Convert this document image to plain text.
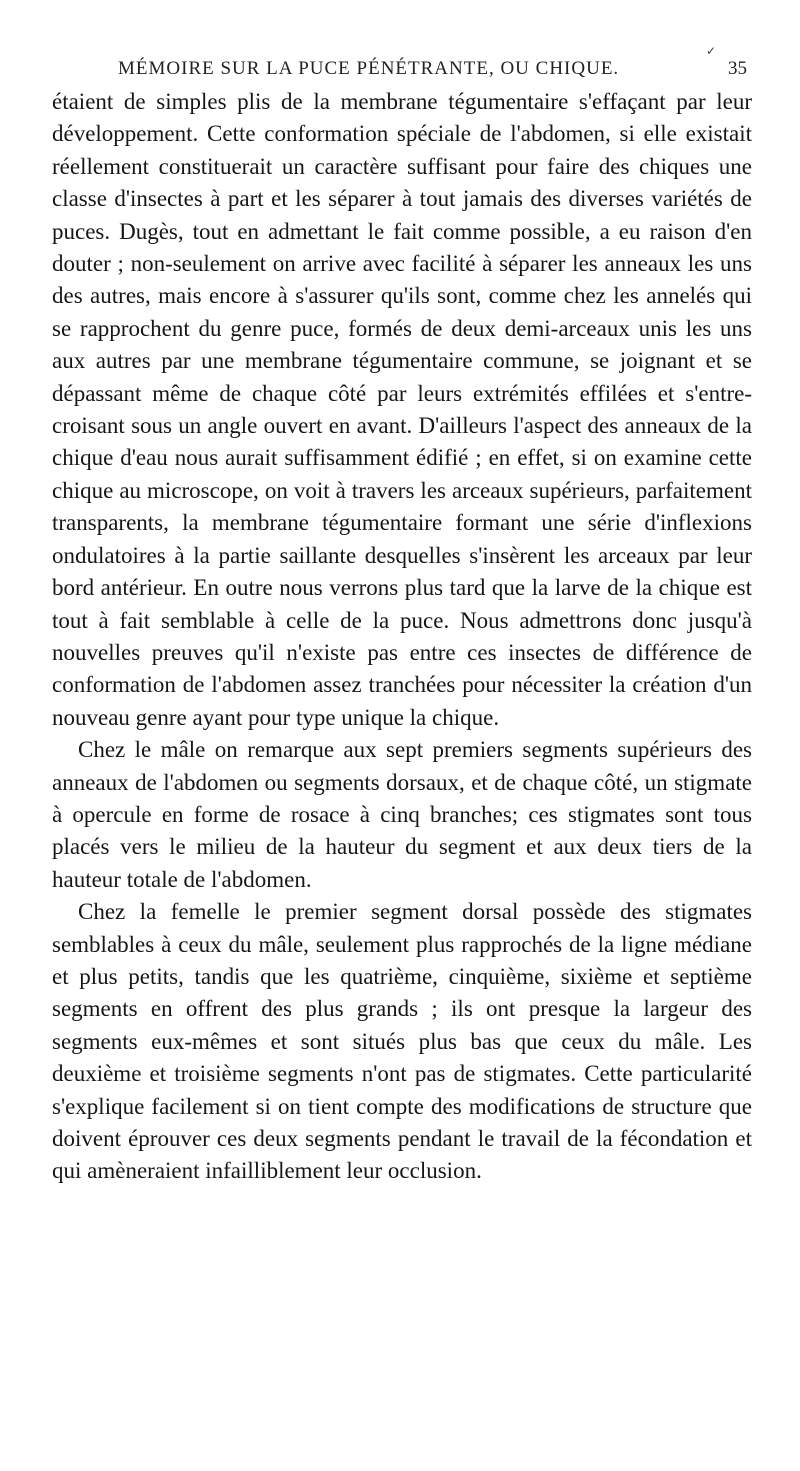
✓
MÉMOIRE SUR LA PUCE PÉNÉTRANTE, OU CHIQUE.	35

étaient de simples plis de la membrane tégumentaire s'effaçant par leur développement. Cette conformation spéciale de l'abdomen, si elle existait réellement constituerait un caractère suffisant pour faire des chiques une classe d'insectes à part et les séparer à tout jamais des diverses variétés de puces. Dugès, tout en admettant le fait comme possible, a eu raison d'en douter ; non-seulement on arrive avec facilité à séparer les anneaux les uns des autres, mais encore à s'assurer qu'ils sont, comme chez les annelés qui se rapprochent du genre puce, formés de deux demi-arceaux unis les uns aux autres par une membrane tégumentaire commune, se joignant et se dépassant même de chaque côté par leurs extrémités effilées et s'entre-croisant sous un angle ouvert en avant. D'ailleurs l'aspect des anneaux de la chique d'eau nous aurait suffisamment édifié ; en effet, si on examine cette chique au microscope, on voit à travers les arceaux supérieurs, parfaitement transparents, la membrane tégumentaire formant une série d'inflexions ondulatoires à la partie saillante desquelles s'insèrent les arceaux par leur bord antérieur. En outre nous verrons plus tard que la larve de la chique est tout à fait semblable à celle de la puce. Nous admettrons donc jusqu'à nouvelles preuves qu'il n'existe pas entre ces insectes de différence de conformation de l'abdomen assez tranchées pour nécessiter la création d'un nouveau genre ayant pour type unique la chique.

Chez le mâle on remarque aux sept premiers segments supérieurs des anneaux de l'abdomen ou segments dorsaux, et de chaque côté, un stigmate à opercule en forme de rosace à cinq branches; ces stigmates sont tous placés vers le milieu de la hauteur du segment et aux deux tiers de la hauteur totale de l'abdomen.

Chez la femelle le premier segment dorsal possède des stigmates semblables à ceux du mâle, seulement plus rapprochés de la ligne médiane et plus petits, tandis que les quatrième, cinquième, sixième et septième segments en offrent des plus grands ; ils ont presque la largeur des segments eux-mêmes et sont situés plus bas que ceux du mâle. Les deuxième et troisième segments n'ont pas de stigmates. Cette particularité s'explique facilement si on tient compte des modifications de structure que doivent éprouver ces deux segments pendant le travail de la fécondation et qui amèneraient infailliblement leur occlusion.
